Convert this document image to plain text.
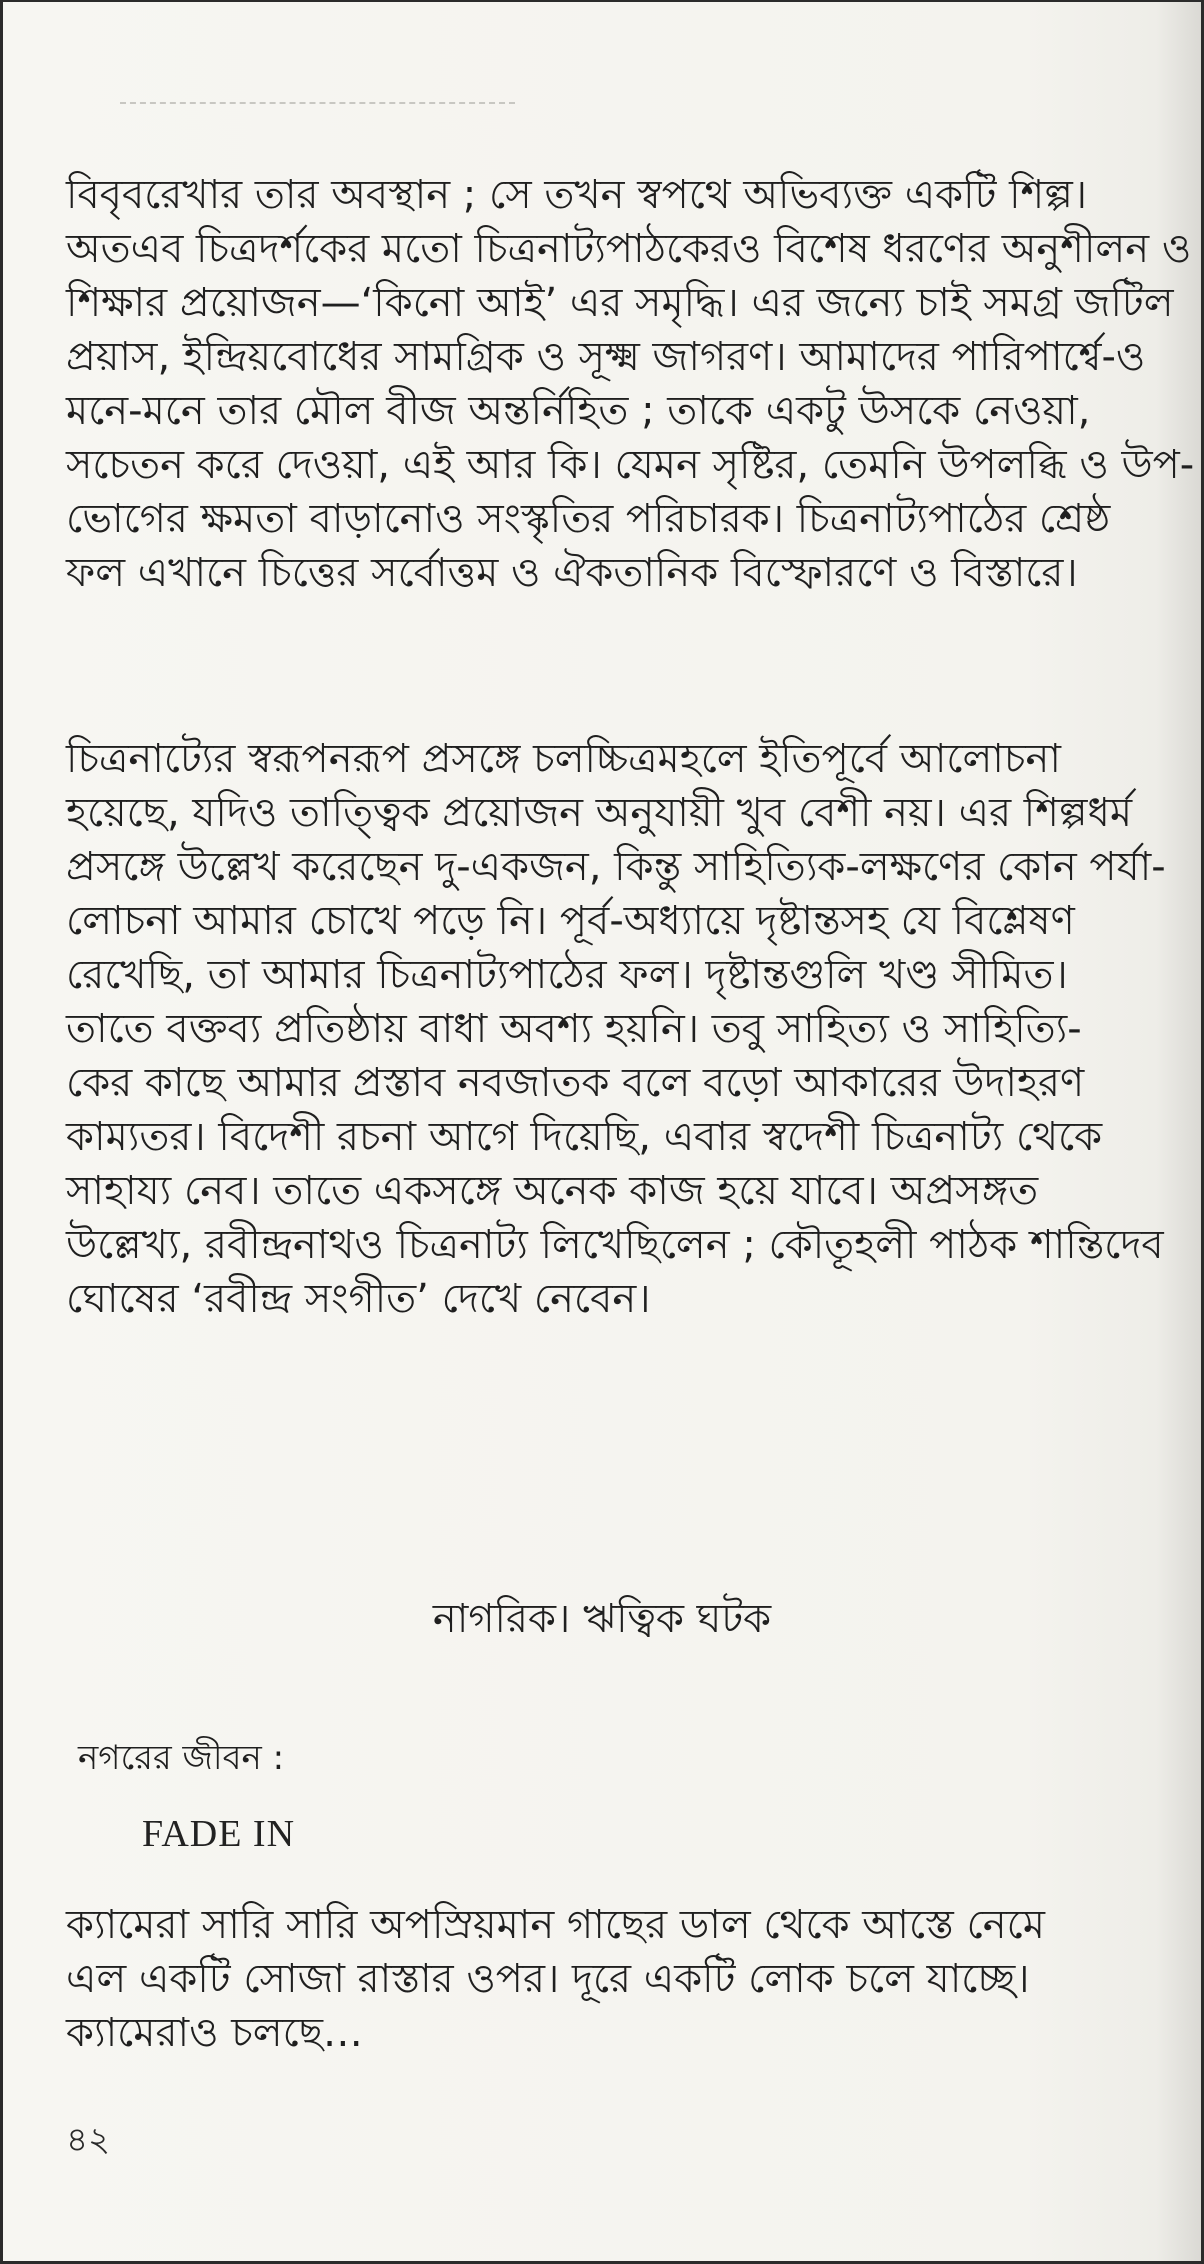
বিবৃবরেখার তার অবস্থান ; সে তখন স্বপথে অভিব্যক্ত একটি শিল্প।
অতএব চিত্রদর্শকের মতো চিত্রনাট্যপাঠকেরও বিশেষ ধরণের অনুশীলন ও
শিক্ষার প্রয়োজন—‘কিনো আই’ এর সমৃদ্ধি। এর জন্যে চাই সমগ্র জটিল
প্রয়াস, ইন্দ্রিয়বোধের সামগ্রিক ও সূক্ষ্ম জাগরণ। আমাদের পারিপার্শ্বে-ও
মনে-মনে তার মৌল বীজ অন্তর্নিহিত ; তাকে একটু উসকে নেওয়া,
সচেতন করে দেওয়া, এই আর কি। যেমন সৃষ্টির, তেমনি উপলব্ধি ও উপ-
ভোগের ক্ষমতা বাড়ানোও সংস্কৃতির পরিচারক। চিত্রনাট্যপাঠের শ্রেষ্ঠ
ফল এখানে চিত্তের সর্বোত্তম ও ঐকতানিক বিস্ফোরণে ও বিস্তারে।
চিত্রনাট্যের স্বরূপনরূপ প্রসঙ্গে চলচ্চিত্রমহলে ইতিপূর্বে আলোচনা
হয়েছে, যদিও তাত্ত্বিক প্রয়োজন অনুযায়ী খুব বেশী নয়। এর শিল্পধর্ম
প্রসঙ্গে উল্লেখ করেছেন দু-একজন, কিন্তু সাহিত্যিক-লক্ষণের কোন পর্যা-
লোচনা আমার চোখে পড়ে নি। পূর্ব-অধ্যায়ে দৃষ্টান্তসহ যে বিশ্লেষণ
রেখেছি, তা আমার চিত্রনাট্যপাঠের ফল। দৃষ্টান্তগুলি খণ্ড সীমিত।
তাতে বক্তব্য প্রতিষ্ঠায় বাধা অবশ্য হয়নি। তবু সাহিত্য ও সাহিত্যি-
কের কাছে আমার প্রস্তাব নবজাতক বলে বড়ো আকারের উদাহরণ
কাম্যতর। বিদেশী রচনা আগে দিয়েছি, এবার স্বদেশী চিত্রনাট্য থেকে
সাহায্য নেব। তাতে একসঙ্গে অনেক কাজ হয়ে যাবে। অপ্রসঙ্গত
উল্লেখ্য, রবীন্দ্রনাথও চিত্রনাট্য লিখেছিলেন ; কৌতূহলী পাঠক শান্তিদেব
ঘোষের ‘রবীন্দ্র সংগীত’ দেখে নেবেন।
নাগরিক। ঋত্বিক ঘটক
নগরের জীবন :
FADE IN
ক্যামেরা সারি সারি অপস্রিয়মান গাছের ডাল থেকে আস্তে নেমে
এল একটি সোজা রাস্তার ওপর। দূরে একটি লোক চলে যাচ্ছে।
ক্যামেরাও চলছে…
৪২
